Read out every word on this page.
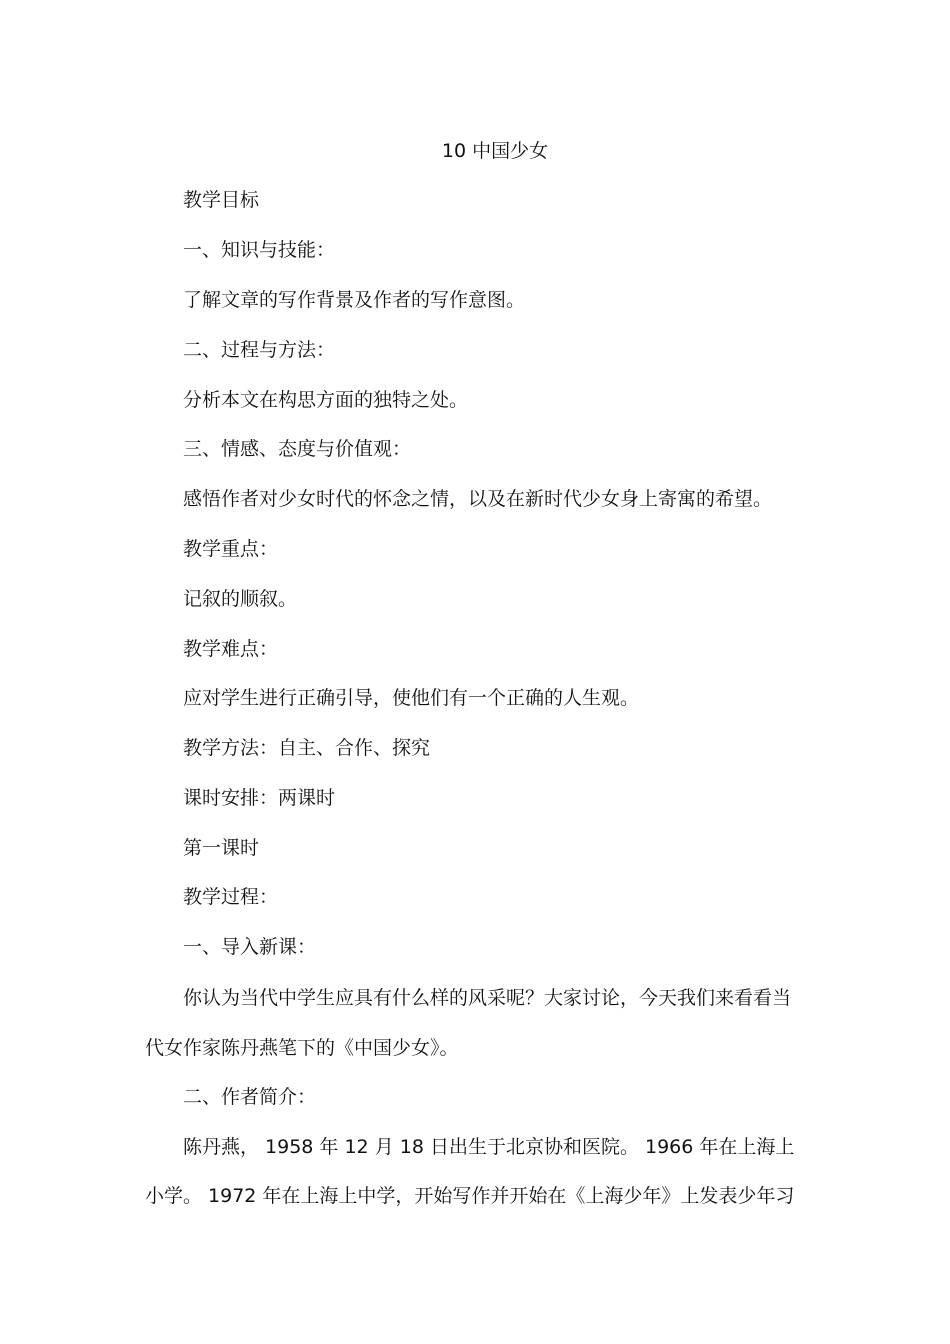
10 中国少女

教学目标

一、知识与技能：

了解文章的写作背景及作者的写作意图。

二、过程与方法：

分析本文在构思方面的独特之处。

三、情感、态度与价值观：

感悟作者对少女时代的怀念之情，以及在新时代少女身上寄寓的希望。

教学重点：

记叙的顺叙。

教学难点：

应对学生进行正确引导，使他们有一个正确的人生观。

教学方法：自主、合作、探究

课时安排：两课时

第一课时

教学过程：

一、导入新课：

你认为当代中学生应具有什么样的风采呢？大家讨论，今天我们来看看当

代女作家陈丹燕笔下的《中国少女》。

二、作者简介：

陈丹燕， 1958 年 12 月 18 日出生于北京协和医院。 1966 年在上海上

小学。 1972 年在上海上中学，开始写作并开始在《上海少年》上发表少年习
